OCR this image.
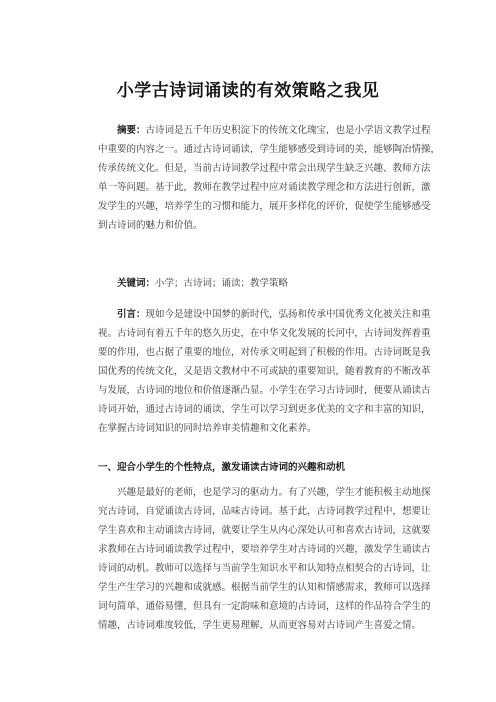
小学古诗词诵读的有效策略之我见
摘要：古诗词是五千年历史积淀下的传统文化瑰宝，也是小学语文教学过程
中重要的内容之一。通过古诗词诵读，学生能够感受到诗词的美，能够陶冶情操，
传承传统文化。但是，当前古诗词教学过程中常会出现学生缺乏兴趣、教师方法
单一等问题。基于此，教师在教学过程中应对诵读教学理念和方法进行创新，激
发学生的兴趣，培养学生的习惯和能力，展开多样化的评价，促使学生能够感受
到古诗词的魅力和价值。
关键词：小学；古诗词；诵读；教学策略
引言：现如今是建设中国梦的新时代，弘扬和传承中国优秀文化被关注和重
视。古诗词有着五千年的悠久历史，在中华文化发展的长河中，古诗词发挥着重
要的作用，也占据了重要的地位，对传承文明起到了积极的作用。古诗词既是我
国优秀的传统文化，又是语文教材中不可或缺的重要知识，随着教育的不断改革
与发展，古诗词的地位和价值逐渐凸显。小学生在学习古诗词时，便要从诵读古
诗词开始，通过古诗词的诵读，学生可以学习到更多优美的文字和丰富的知识，
在掌握古诗词知识的同时培养审美情趣和文化素养。
一、迎合小学生的个性特点，激发诵读古诗词的兴趣和动机
兴趣是最好的老师，也是学习的驱动力。有了兴趣，学生才能积极主动地探
究古诗词，自觉诵读古诗词，品味古诗词。基于此，古诗词教学过程中，想要让
学生喜欢和主动诵读古诗词，就要让学生从内心深处认可和喜欢古诗词，这就要
求教师在古诗词诵读教学过程中，要培养学生对古诗词的兴趣，激发学生诵读古
诗词的动机。教师可以选择与当前学生知识水平和认知特点相契合的古诗词，让
学生产生学习的兴趣和成就感。根据当前学生的认知和情感需求，教师可以选择
词句简单、通俗易懂，但具有一定韵味和意境的古诗词，这样的作品符合学生的
情趣，古诗词难度较低，学生更易理解，从而更容易对古诗词产生喜爱之情。
